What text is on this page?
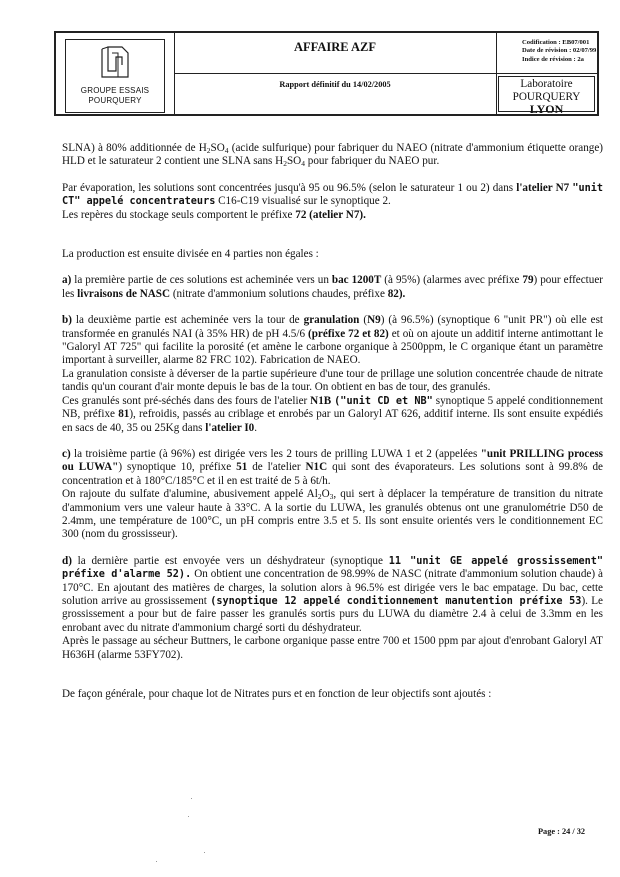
GROUPE ESSAIS
POURQUERY
AFFAIRE AZF
Rapport définitif du 14/02/2005
Codification : EB07/001
Date de révision : 02/07/99
Indice de révision : 2a
Laboratoire POURQUERY
LYON

SLNA) à 80% additionnée de $H_2SO_4$ (acide sulfurique) pour fabriquer du NAEO (nitrate d'ammonium étiquette orange) HLD et le saturateur 2 contient une SLNA sans $H_2SO_4$ pour fabriquer du NAEO pur.

Par évaporation, les solutions sont concentrées jusqu'à 95 ou 96.5% (selon le saturateur 1 ou 2) dans l'atelier N7 "unit CT" appelé concentrateurs C16-C19 visualisé sur le synoptique 2.
Les repères du stockage seuls comportent le préfixe 72 (atelier N7).

La production est ensuite divisée en 4 parties non égales :

a) la première partie de ces solutions est acheminée vers un bac 1200T (à 95%) (alarmes avec préfixe 79) pour effectuer les livraisons de NASC (nitrate d'ammonium solutions chaudes, préfixe 82).

b) la deuxième partie est acheminée vers la tour de granulation (N9) (à 96.5%) (synoptique 6 "unit PR") où elle est transformée en granulés NAI (à 35% HR) de pH 4.5/6 (préfixe 72 et 82) et où on ajoute un additif interne antimottant le "Galoryl AT 725" qui facilite la porosité (et amène le carbone organique à 2500ppm, le C organique étant un paramètre important à surveiller, alarme 82 FRC 102). Fabrication de NAEO.
La granulation consiste à déverser de la partie supérieure d'une tour de prillage une solution concentrée chaude de nitrate tandis qu'un courant d'air monte depuis le bas de la tour. On obtient en bas de tour, des granulés.
Ces granulés sont pré-séchés dans des fours de l'atelier N1B ("unit CD et NB" synoptique 5 appelé conditionnement NB, préfixe 81), refroidis, passés au criblage et enrobés par un Galoryl AT 626, additif interne. Ils sont ensuite expédiés en sacs de 40, 35 ou 25Kg dans l'atelier I0.

c) la troisième partie (à 96%) est dirigée vers les 2 tours de prilling LUWA 1 et 2 (appelées "unit PRILLING process ou LUWA") synoptique 10, préfixe 51 de l'atelier N1C qui sont des évaporateurs. Les solutions sont à 99.8% de concentration et à 180°C/185°C et il en est traité de 5 à 6t/h.
On rajoute du sulfate d'alumine, abusivement appelé $Al_2O_3$, qui sert à déplacer la température de transition du nitrate d'ammonium vers une valeur haute à 33°C. A la sortie du LUWA, les granulés obtenus ont une granulométrie D50 de 2.4mm, une température de 100°C, un pH compris entre 3.5 et 5. Ils sont ensuite orientés vers le conditionnement EC 300 (nom du grossisseur).

d) la dernière partie est envoyée vers un déshydrateur (synoptique 11 "unit GE appelé grossissement" préfixe d'alarme 52). On obtient une concentration de 98.99% de NASC (nitrate d'ammonium solution chaude) à 170°C. En ajoutant des matières de charges, la solution alors à 96.5% est dirigée vers le bac empatage. Du bac, cette solution arrive au grossissement (synoptique 12 appelé conditionnement manutention préfixe 53). Le grossissement a pour but de faire passer les granulés sortis purs du LUWA du diamètre 2.4 à celui de 3.3mm en les enrobant avec du nitrate d'ammonium chargé sorti du déshydrateur.
Après le passage au sécheur Buttners, le carbone organique passe entre 700 et 1500 ppm par ajout d'enrobant Galoryl AT H636H (alarme 53FY702).

De façon générale, pour chaque lot de Nitrates purs et en fonction de leur objectifs sont ajoutés :

Page : 24 / 32
